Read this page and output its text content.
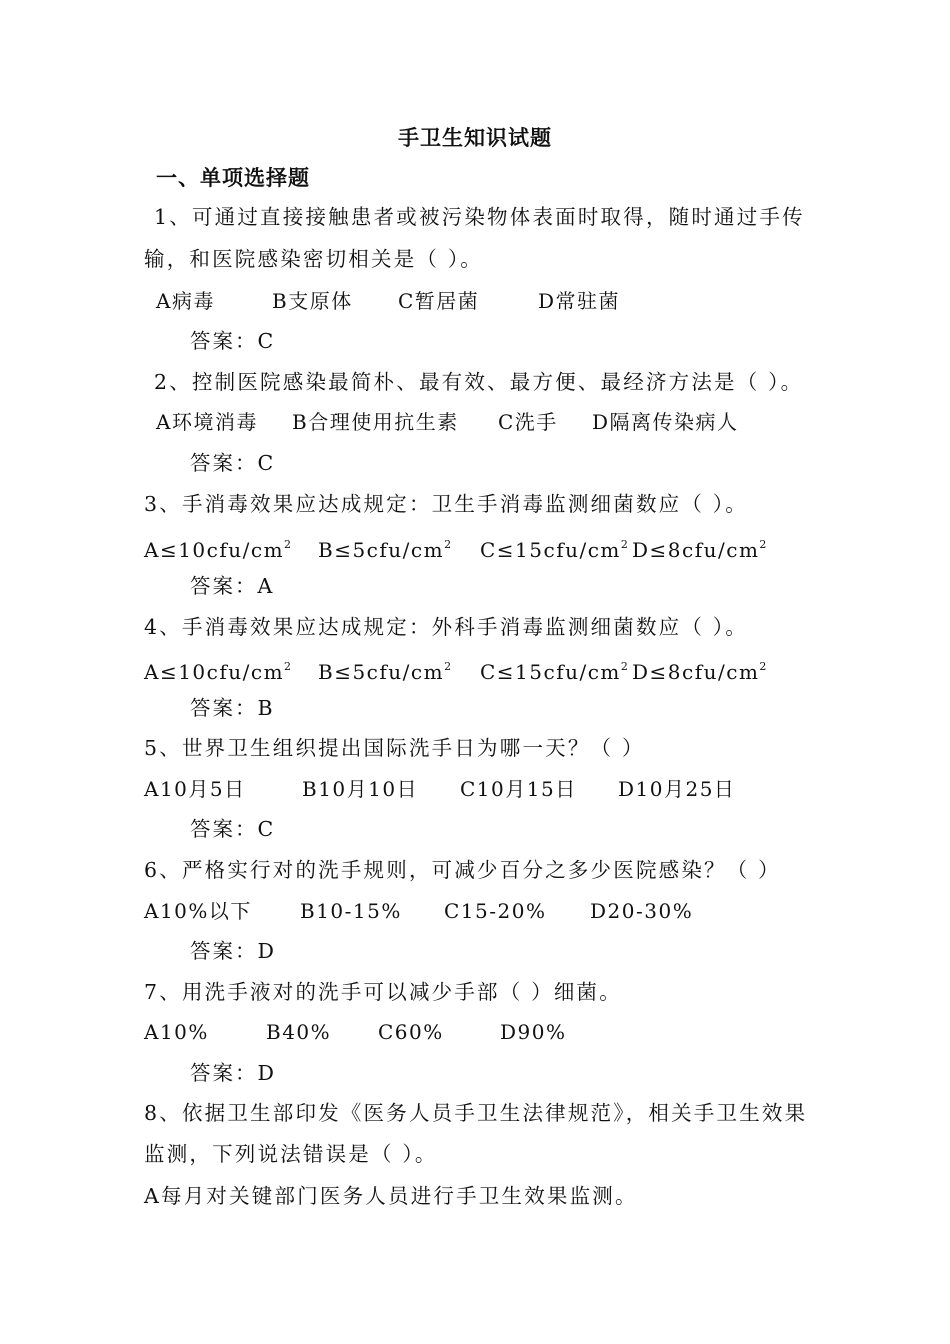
手卫生知识试题
一、单项选择题
1、可通过直接接触患者或被污染物体表面时取得，随时通过手传
输，和医院感染密切相关是（ ）。
A病毒	B支原体 C暂居菌	D常驻菌
答案：C
2、控制医院感染最简朴、最有效、最方便、最经济方法是（ ）。
A环境消毒 B合理使用抗生素 C洗手 D隔离传染病人
答案：C
3、手消毒效果应达成规定：卫生手消毒监测细菌数应（ ）。
$A\le 10cfu/cm^2$ $B\le 5cfu/cm^2$ $C\le 15cfu/cm^2$ $D\le 8cfu/cm^2$
答案：A
4、手消毒效果应达成规定：外科手消毒监测细菌数应（ ）。
$A\le 10cfu/cm^2$ $B\le 5cfu/cm^2$ $C\le 15cfu/cm^2$ $D\le 8cfu/cm^2$
答案：B
5、世界卫生组织提出国际洗手日为哪一天？（ ）
A10月5日	B10月10日 C10月15日 D10月25日
答案：C
6、严格实行对的洗手规则，可减少百分之多少医院感染？（ ）
A10%以下 B10-15% C15-20% D20-30%
答案：D
7、用洗手液对的洗手可以减少手部（ ）细菌。
A10%	B40% C60%	D90%
答案：D
8、依据卫生部印发《医务人员手卫生法律规范》，相关手卫生效果
监测，下列说法错误是（ ）。
A每月对关键部门医务人员进行手卫生效果监测。
